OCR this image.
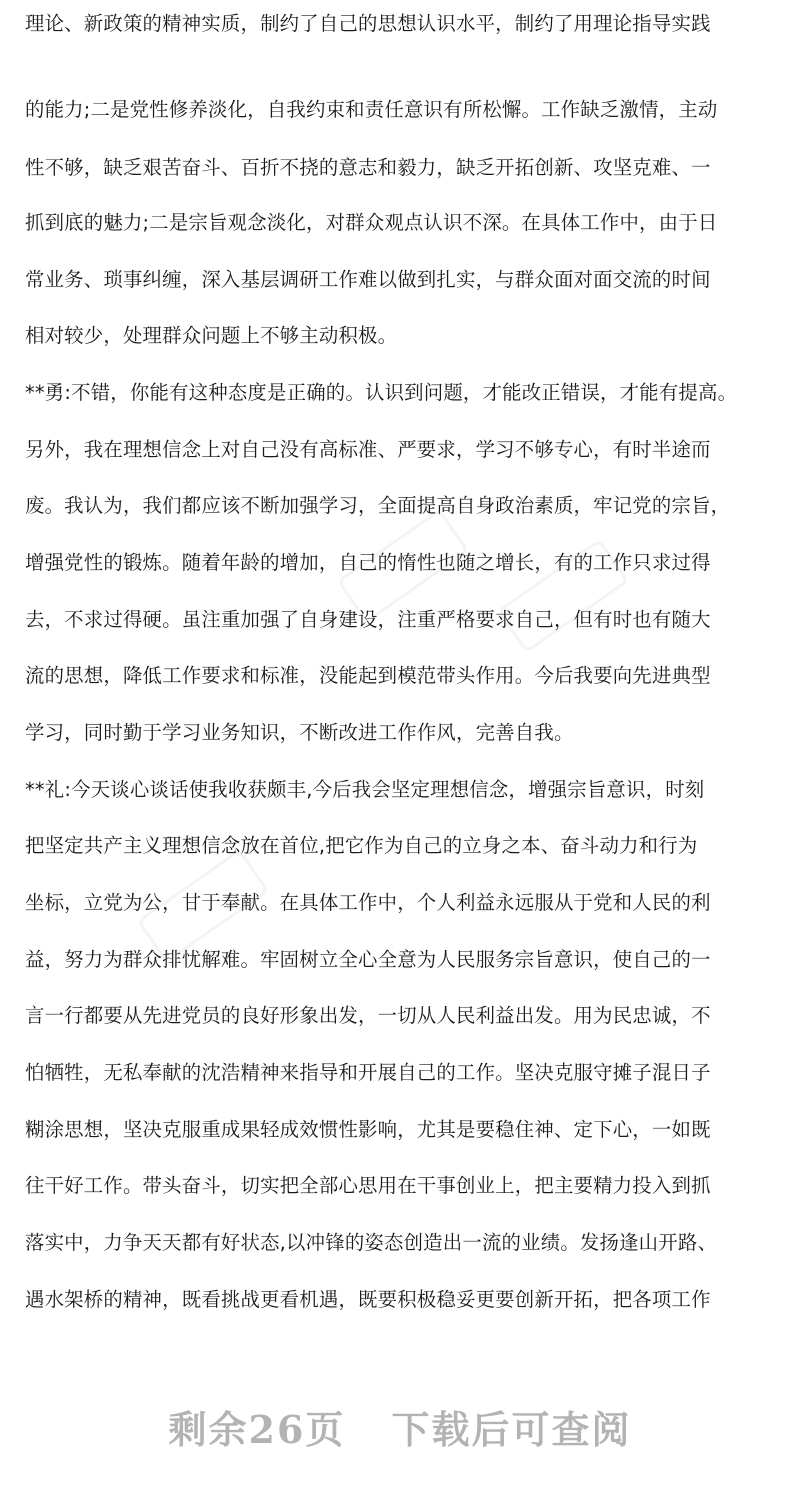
理论、新政策的精神实质，制约了自己的思想认识水平，制约了用理论指导实践
的能力;二是党性修养淡化，自我约束和责任意识有所松懈。工作缺乏激情，主动
性不够，缺乏艰苦奋斗、百折不挠的意志和毅力，缺乏开拓创新、攻坚克难、一
抓到底的魅力;二是宗旨观念淡化，对群众观点认识不深。在具体工作中，由于日
常业务、琐事纠缠，深入基层调研工作难以做到扎实，与群众面对面交流的时间
相对较少，处理群众问题上不够主动积极。
**勇:不错，你能有这种态度是正确的。认识到问题，才能改正错误，才能有提高。
另外，我在理想信念上对自己没有高标准、严要求，学习不够专心，有时半途而
废。我认为，我们都应该不断加强学习，全面提高自身政治素质，牢记党的宗旨，
增强党性的锻炼。随着年龄的增加，自己的惰性也随之增长，有的工作只求过得
去，不求过得硬。虽注重加强了自身建设，注重严格要求自己，但有时也有随大
流的思想，降低工作要求和标准，没能起到模范带头作用。今后我要向先进典型
学习，同时勤于学习业务知识，不断改进工作作风，完善自我。
**礼:今天谈心谈话使我收获颇丰,今后我会坚定理想信念，增强宗旨意识，时刻
把坚定共产主义理想信念放在首位,把它作为自己的立身之本、奋斗动力和行为
坐标，立党为公，甘于奉献。在具体工作中，个人利益永远服从于党和人民的利
益，努力为群众排忧解难。牢固树立全心全意为人民服务宗旨意识，使自己的一
言一行都要从先进党员的良好形象出发，一切从人民利益出发。用为民忠诚，不
怕牺牲，无私奉献的沈浩精神来指导和开展自己的工作。坚决克服守摊子混日子
糊涂思想，坚决克服重成果轻成效惯性影响，尤其是要稳住神、定下心，一如既
往干好工作。带头奋斗，切实把全部心思用在干事创业上，把主要精力投入到抓
落实中，力争天天都有好状态,以冲锋的姿态创造出一流的业绩。发扬逢山开路、
遇水架桥的精神，既看挑战更看机遇，既要积极稳妥更要创新开拓，把各项工作
剩余26页 下载后可查阅
